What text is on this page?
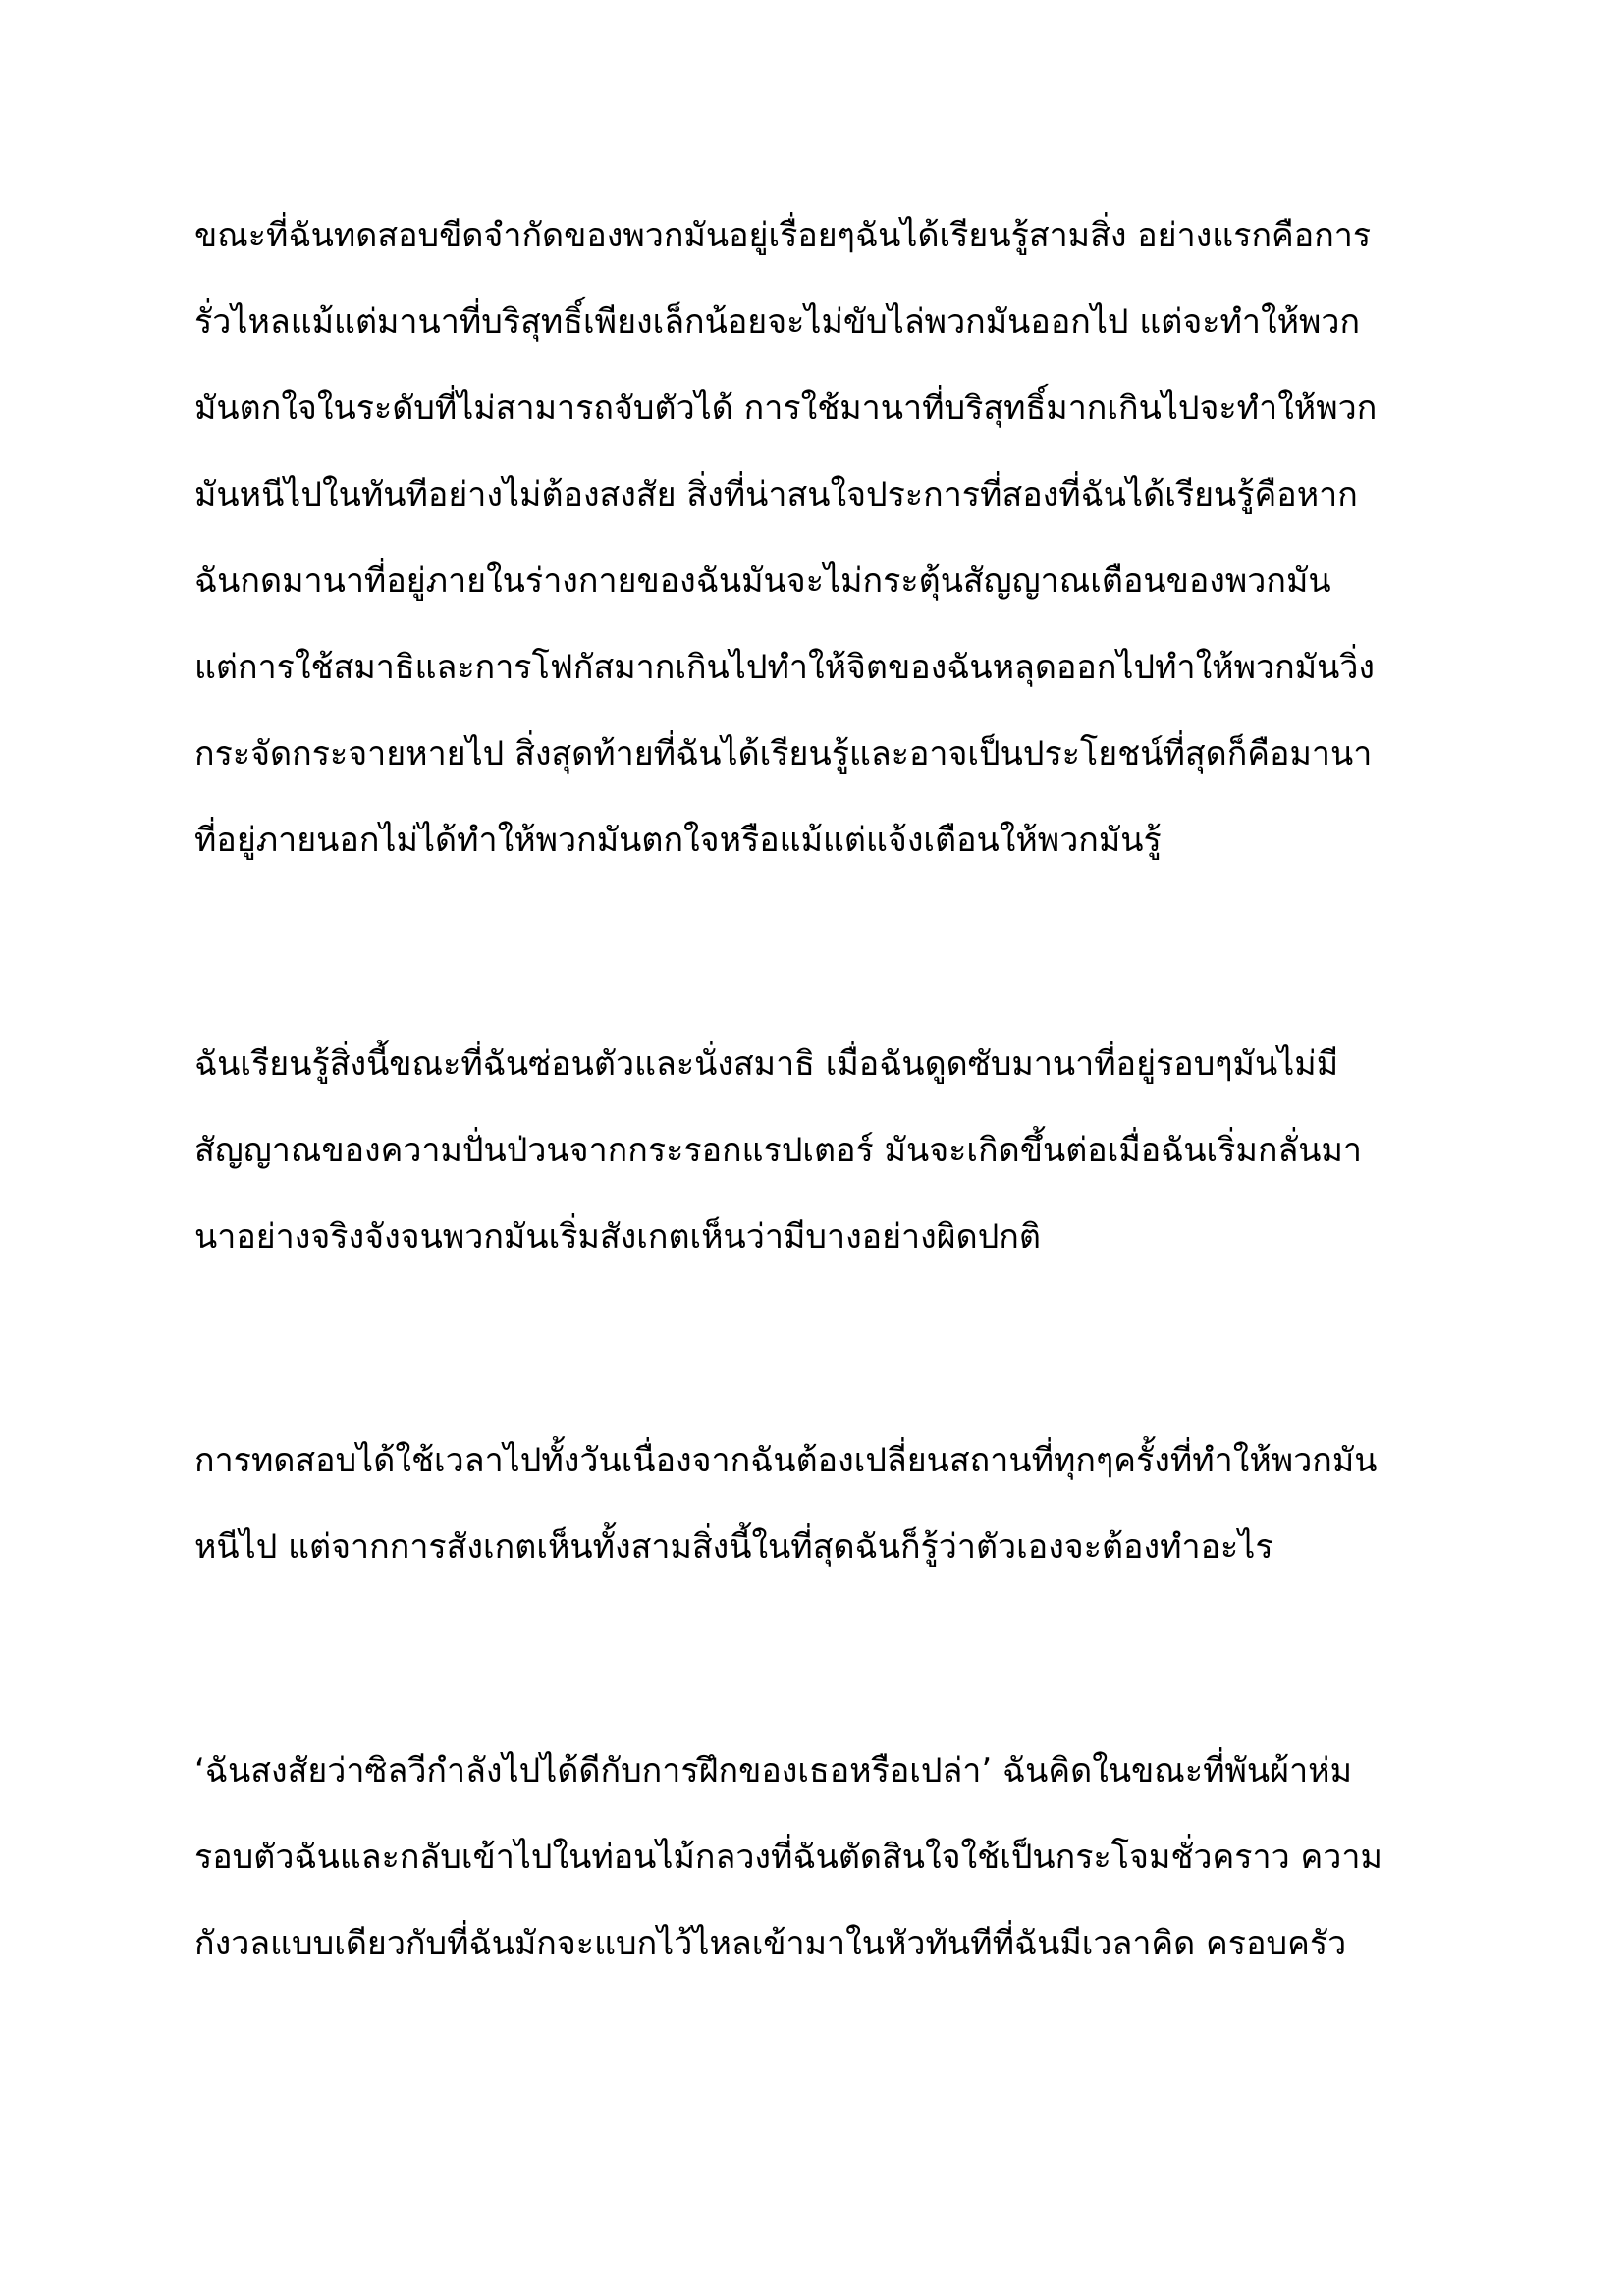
ขณะที่ฉันทดสอบขีดจำกัดของพวกมันอยู่เรื่อยๆฉันได้เรียนรู้สามสิ่ง อย่างแรกคือการ
รั่วไหลแม้แต่มานาที่บริสุทธิ์เพียงเล็กน้อยจะไม่ขับไล่พวกมันออกไป แต่จะทำให้พวก
มันตกใจในระดับที่ไม่สามารถจับตัวได้ การใช้มานาที่บริสุทธิ์มากเกินไปจะทำให้พวก
มันหนีไปในทันทีอย่างไม่ต้องสงสัย สิ่งที่น่าสนใจประการที่สองที่ฉันได้เรียนรู้คือหาก
ฉันกดมานาที่อยู่ภายในร่างกายของฉันมันจะไม่กระตุ้นสัญญาณเตือนของพวกมัน
แต่การใช้สมาธิและการโฟกัสมากเกินไปทำให้จิตของฉันหลุดออกไปทำให้พวกมันวิ่ง
กระจัดกระจายหายไป สิ่งสุดท้ายที่ฉันได้เรียนรู้และอาจเป็นประโยชน์ที่สุดก็คือมานา
ที่อยู่ภายนอกไม่ได้ทำให้พวกมันตกใจหรือแม้แต่แจ้งเตือนให้พวกมันรู้
ฉันเรียนรู้สิ่งนี้ขณะที่ฉันซ่อนตัวและนั่งสมาธิ เมื่อฉันดูดซับมานาที่อยู่รอบๆมันไม่มี
สัญญาณของความปั่นป่วนจากกระรอกแรปเตอร์ มันจะเกิดขึ้นต่อเมื่อฉันเริ่มกลั่นมา
นาอย่างจริงจังจนพวกมันเริ่มสังเกตเห็นว่ามีบางอย่างผิดปกติ
การทดสอบได้ใช้เวลาไปทั้งวันเนื่องจากฉันต้องเปลี่ยนสถานที่ทุกๆครั้งที่ทำให้พวกมัน
หนีไป แต่จากการสังเกตเห็นทั้งสามสิ่งนี้ในที่สุดฉันก็รู้ว่าตัวเองจะต้องทำอะไร
‘ฉันสงสัยว่าซิลวีกำลังไปได้ดีกับการฝึกของเธอหรือเปล่า’ ฉันคิดในขณะที่พันผ้าห่ม
รอบตัวฉันและกลับเข้าไปในท่อนไม้กลวงที่ฉันตัดสินใจใช้เป็นกระโจมชั่วคราว ความ
กังวลแบบเดียวกับที่ฉันมักจะแบกไว้ไหลเข้ามาในหัวทันทีที่ฉันมีเวลาคิด ครอบครัว
